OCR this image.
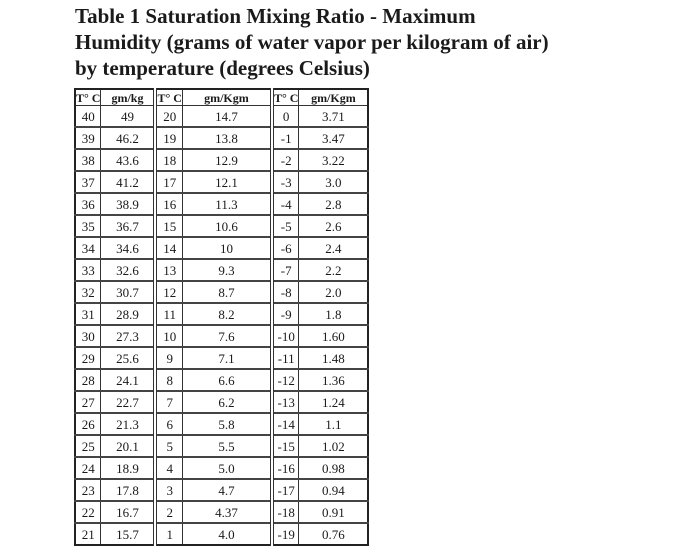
Table 1 Saturation Mixing Ratio - Maximum
Humidity (grams of water vapor per kilogram of air)
by temperature (degrees Celsius)
T° C	gm/kg	T° C	gm/Kgm	T° C	gm/Kgm
40	49	20	14.7	0	3.71
39	46.2	19	13.8	-1	3.47
38	43.6	18	12.9	-2	3.22
37	41.2	17	12.1	-3	3.0
36	38.9	16	11.3	-4	2.8
35	36.7	15	10.6	-5	2.6
34	34.6	14	10	-6	2.4
33	32.6	13	9.3	-7	2.2
32	30.7	12	8.7	-8	2.0
31	28.9	11	8.2	-9	1.8
30	27.3	10	7.6	-10	1.60
29	25.6	9	7.1	-11	1.48
28	24.1	8	6.6	-12	1.36
27	22.7	7	6.2	-13	1.24
26	21.3	6	5.8	-14	1.1
25	20.1	5	5.5	-15	1.02
24	18.9	4	5.0	-16	0.98
23	17.8	3	4.7	-17	0.94
22	16.7	2	4.37	-18	0.91
21	15.7	1	4.0	-19	0.76
